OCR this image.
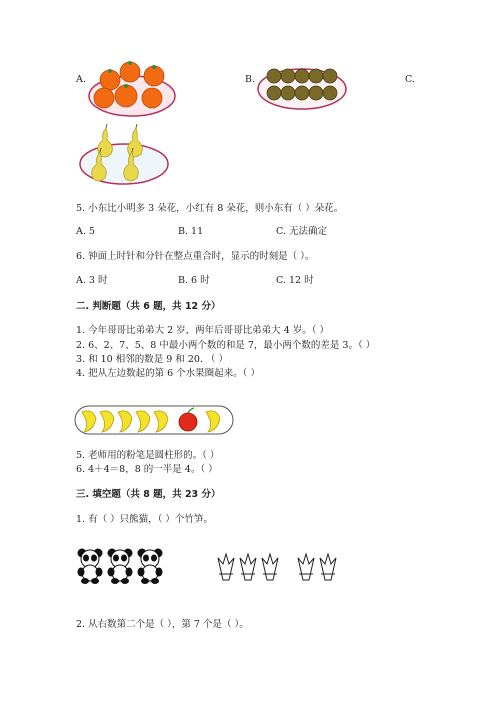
A.	B.	C.
5. 小东比小明多 3 朵花，小红有 8 朵花，则小东有（ ）朵花。
A. 5	B. 11	C. 无法确定
6. 钟面上时针和分针在整点重合时，显示的时刻是（ ）。
A. 3 时	B. 6 时	C. 12 时
二. 判断题（共 6 题，共 12 分）
1. 今年哥哥比弟弟大 2 岁，两年后哥哥比弟弟大 4 岁。（ ）
2. 6、2、7、5、8 中最小两个数的和是 7，最小两个数的差是 3。（ ）
3. 和 10 相邻的数是 9 和 20. （ ）
4. 把从左边数起的第 6 个水果圈起来。（ ）
5. 老师用的粉笔是圆柱形的。（ ）
6. 4＋4＝8，8 的一半是 4。（ ）
三. 填空题（共 8 题，共 23 分）
1. 有（ ）只熊猫，（ ）个竹笋。
2. 从右数第二个是（ ），第 7 个是（ ）。
